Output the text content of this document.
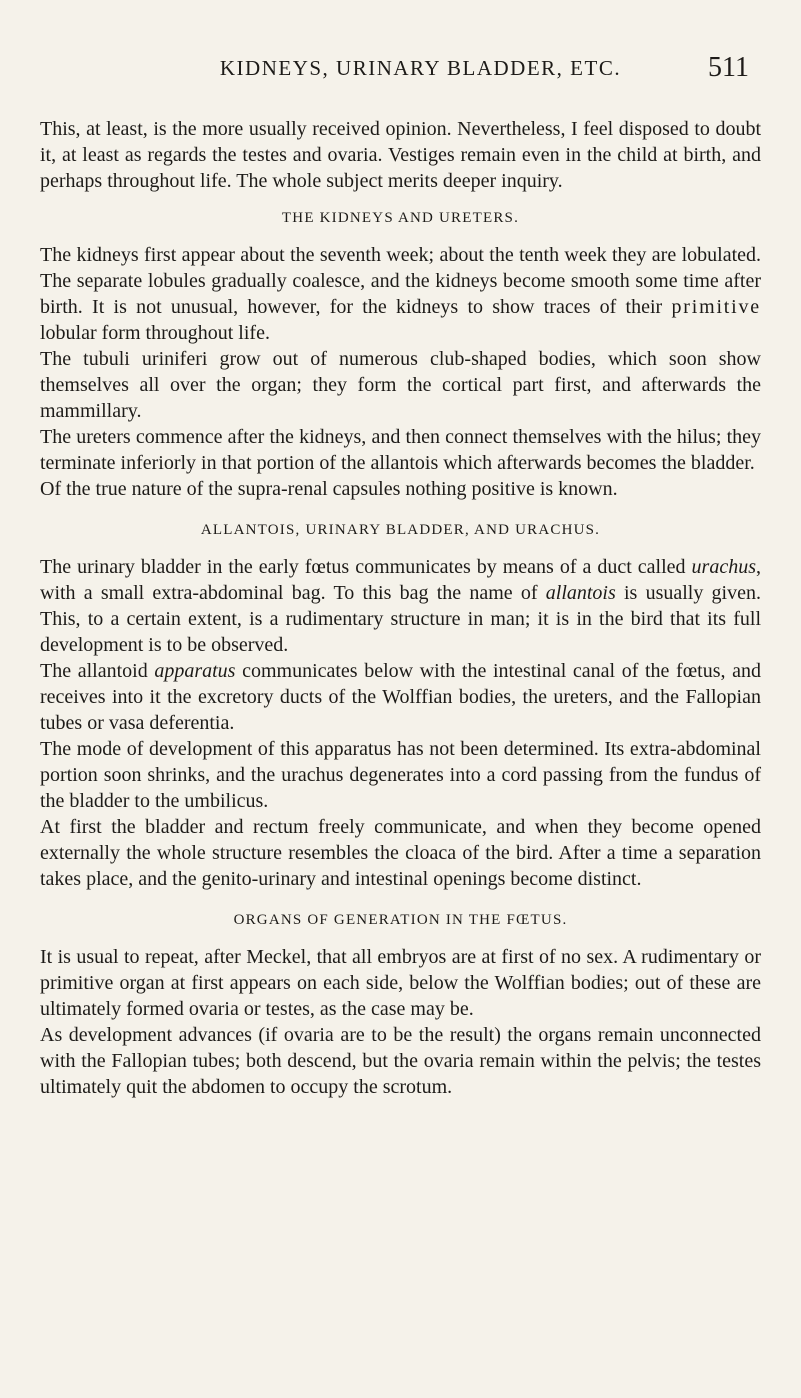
KIDNEYS, URINARY BLADDER, ETC.	511

This, at least, is the more usually received opinion. Nevertheless, I feel disposed to doubt it, at least as regards the testes and ovaria. Vestiges remain even in the child at birth, and perhaps throughout life. The whole subject merits deeper inquiry.

THE KIDNEYS AND URETERS.

The kidneys first appear about the seventh week; about the tenth week they are lobulated. The separate lobules gradually coalesce, and the kidneys become smooth some time after birth. It is not unusual, however, for the kidneys to show traces of their primitive lobular form throughout life.

The tubuli uriniferi grow out of numerous club-shaped bodies, which soon show themselves all over the organ; they form the cortical part first, and afterwards the mammillary.

The ureters commence after the kidneys, and then connect themselves with the hilus; they terminate inferiorly in that portion of the allantois which afterwards becomes the bladder.

Of the true nature of the supra-renal capsules nothing positive is known.

ALLANTOIS, URINARY BLADDER, AND URACHUS.

The urinary bladder in the early fœtus communicates by means of a duct called urachus, with a small extra-abdominal bag. To this bag the name of allantois is usually given. This, to a certain extent, is a rudimentary structure in man; it is in the bird that its full development is to be observed.

The allantoid apparatus communicates below with the intestinal canal of the fœtus, and receives into it the excretory ducts of the Wolffian bodies, the ureters, and the Fallopian tubes or vasa deferentia.

The mode of development of this apparatus has not been determined. Its extra-abdominal portion soon shrinks, and the urachus degenerates into a cord passing from the fundus of the bladder to the umbilicus.

At first the bladder and rectum freely communicate, and when they become opened externally the whole structure resembles the cloaca of the bird. After a time a separation takes place, and the genito-urinary and intestinal openings become distinct.

ORGANS OF GENERATION IN THE FŒTUS.

It is usual to repeat, after Meckel, that all embryos are at first of no sex. A rudimentary or primitive organ at first appears on each side, below the Wolffian bodies; out of these are ultimately formed ovaria or testes, as the case may be.

As development advances (if ovaria are to be the result) the organs remain unconnected with the Fallopian tubes; both descend, but the ovaria remain within the pelvis; the testes ultimately quit the abdomen to occupy the scrotum.
